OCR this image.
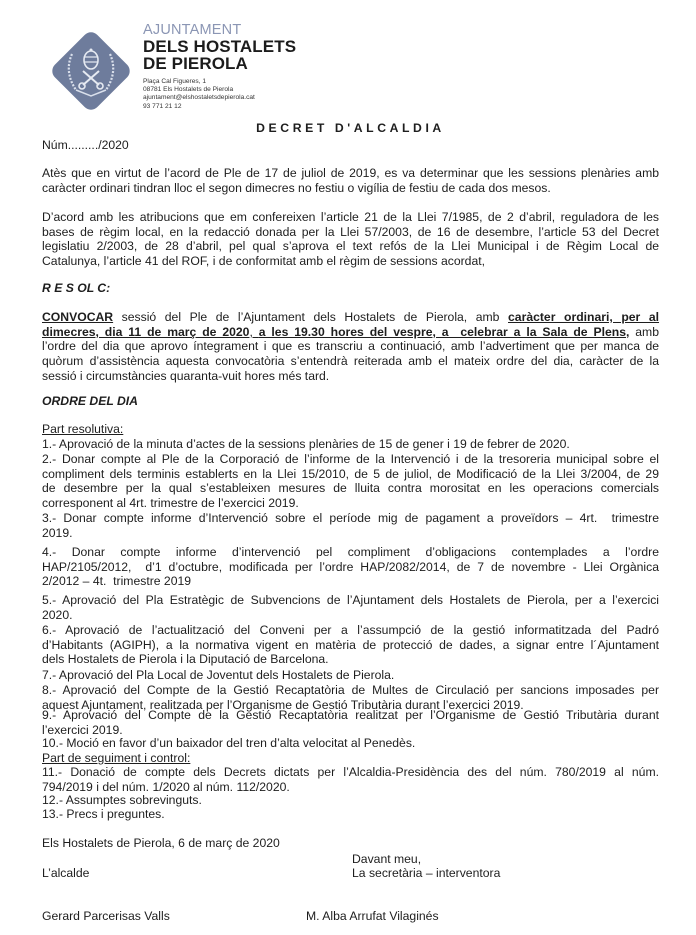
AJUNTAMENT
DELS HOSTALETS
DE PIEROLA
Plaça Cal Figueres, 1
08781 Els Hostalets de Pierola
ajuntament@elshostaletsdepierola.cat
93 771 21 12
DECRET D'ALCALDIA
Núm........./2020
Atès que en virtut de l’acord de Ple de 17 de juliol de 2019, es va determinar que les sessions plenàries amb
caràcter ordinari tindran lloc el segon dimecres no festiu o vigília de festiu de cada dos mesos.
D’acord amb les atribucions que em confereixen l’article 21 de la Llei 7/1985, de 2 d’abril, reguladora de les
bases de règim local, en la redacció donada per la Llei 57/2003, de 16 de desembre, l’article 53 del Decret
legislatiu 2/2003, de 28 d’abril, pel qual s’aprova el text refós de la Llei Municipal i de Règim Local de
Catalunya, l’article 41 del ROF, i de conformitat amb el règim de sessions acordat,
R E S OL C:
CONVOCAR sessió del Ple de l’Ajuntament dels Hostalets de Pierola, amb caràcter ordinari, per al
dimecres, dia 11 de març de 2020, a les 19.30 hores del vespre, a  celebrar a la Sala de Plens, amb
l’ordre del dia que aprovo íntegrament i que es transcriu a continuació, amb l’advertiment que per manca de
quòrum d’assistència aquesta convocatòria s’entendrà reiterada amb el mateix ordre del dia, caràcter de la
sessió i circumstàncies quaranta-vuit hores més tard.
ORDRE DEL DIA
Part resolutiva:
1.- Aprovació de la minuta d’actes de la sessions plenàries de 15 de gener i 19 de febrer de 2020.
2.- Donar compte al Ple de la Corporació de l’informe de la Intervenció i de la tresoreria municipal sobre el
compliment dels terminis establerts en la Llei 15/2010, de 5 de juliol, de Modificació de la Llei 3/2004, de 29
de desembre per la qual s’estableixen mesures de lluita contra morositat en les operacions comercials
corresponent al 4rt. trimestre de l’exercici 2019.
3.- Donar compte informe d’Intervenció sobre el període mig de pagament a proveïdors – 4rt.  trimestre
2019.
4.- Donar compte informe d’intervenció pel compliment d’obligacions contemplades a l’ordre
HAP/2105/2012,  d’1 d’octubre, modificada per l’ordre HAP/2082/2014, de 7 de novembre - Llei Orgànica
2/2012 – 4t.  trimestre 2019
5.- Aprovació del Pla Estratègic de Subvencions de l’Ajuntament dels Hostalets de Pierola, per a l’exercici
2020.
6.- Aprovació de l’actualització del Conveni per a l’assumpció de la gestió informatitzada del Padró
d’Habitants (AGIPH), a la normativa vigent en matèria de protecció de dades, a signar entre l´Ajuntament
dels Hostalets de Pierola i la Diputació de Barcelona.
7.- Aprovació del Pla Local de Joventut dels Hostalets de Pierola.
8.- Aprovació del Compte de la Gestió Recaptatòria de Multes de Circulació per sancions imposades per
aquest Ajuntament, realitzada per l’Organisme de Gestió Tributària durant l’exercici 2019.
9.- Aprovació del Compte de la Gestió Recaptatòria realitzat per l’Organisme de Gestió Tributària durant
l’exercici 2019.
10.- Moció en favor d’un baixador del tren d’alta velocitat al Penedès.
Part de seguiment i control:
11.- Donació de compte dels Decrets dictats per l’Alcaldia-Presidència des del núm. 780/2019 al núm.
794/2019 i del núm. 1/2020 al núm. 112/2020.
12.- Assumptes sobrevinguts.
13.- Precs i preguntes.
Els Hostalets de Pierola, 6 de març de 2020
Davant meu,
L’alcalde	La secretària – interventora
Gerard Parcerisas Valls	M. Alba Arrufat Vilaginés
